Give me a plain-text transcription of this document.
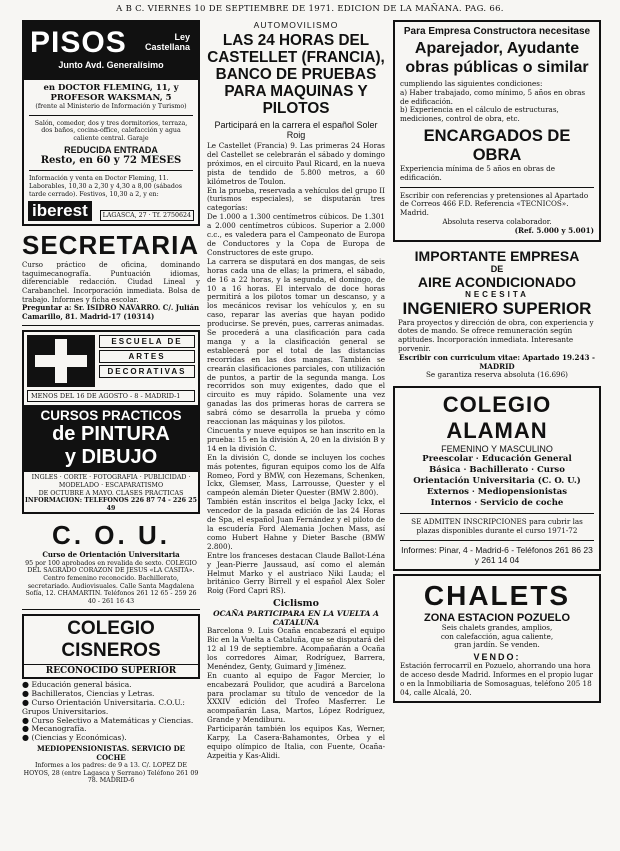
A B C. VIERNES 10 DE SEPTIEMBRE DE 1971. EDICION DE LA MAÑANA. PAG. 66.
PISOS	Ley
Castellana
Junto Avd. Generalísimo

en DOCTOR FLEMING, 11, y PROFESOR WAKSMAN, 5

(frente al Ministerio de Información y Turismo)

Salón, comedor, dos y tres dormitorios, terraza, dos baños, cocina-office, calefacción y agua caliente central. Garaje

REDUCIDA ENTRADA

Resto, en 60 y 72 MESES

Información y venta en Doctor Fleming, 11. Laborables, 10,30 a 2,30 y 4,30 a 8,00 (sábados tarde cerrado). Festivos, 10,30 a 2, y en:

iberest	LAGASCA, 27 · Tf. 2750624
SECRETARIA

Curso práctico de oficina, dominando taquimecanografía. Puntuación idiomas, diferenciable redacción. Ciudad Lineal y Carabanchel. Incorporación inmediata. Bolsa de trabajo. Informes y ficha escolar.

Preguntar a: Sr. ISIDRO NAVARRO. C/. Julián Camarillo, 81. Madrid-17 (10314)

ESCUELA DE
ARTES
DECORATIVAS
MENOS DEL 16 DE AGOSTO - 8 - MADRID-1
CURSOS PRACTICOS
de PINTURA
y DIBUJO

INGLES · CORTE · FOTOGRAFIA · PUBLICIDAD · MODELADO · ESCAPARATISMO

DE OCTUBRE A MAYO. CLASES PRACTICAS

INFORMACION: TELEFONOS 226 87 74 - 226 25 49

C. O. U.

Curso de Orientación Universitaria

95 por 100 aprobados en revalida de sexto. COLEGIO DEL SAGRADO CORAZON DE JESUS «LA CASITA». Centro femenino reconocido. Bachillerato, secretariado. Audiovisuales. Calle Santa Magdalena Sofía, 12. CHAMARTIN. Teléfonos 261 12 65 - 259 26 40 - 261 16 43

COLEGIO CISNEROS
RECONOCIDO SUPERIOR

● Educación general básica.

● Bachilleratos, Ciencias y Letras.

● Curso Orientación Universitaria. C.O.U.: Grupos Universitarios.

● Curso Selectivo a Matemáticas y Ciencias.

● Mecanografía.

● (Ciencias y Económicas).

MEDIOPENSIONISTAS. SERVICIO DE COCHE

Informes a los padres: de 9 a 13. C/. LOPEZ DE HOYOS, 28 (entre Lagasca y Serrano) Teléfono 261 09 78. MADRID-6

AUTOMOVILISMO
LAS 24 HORAS DEL CASTELLET (FRANCIA), BANCO DE PRUEBAS PARA MAQUINAS Y PILOTOS
Participará en la carrera el español Soler Roig

Le Castellet (Francia) 9. Las primeras 24 Horas del Castellet se celebrarán el sábado y domingo próximos, en el circuito Paul Ricard, en la nueva pista de tendido de 5.800 metros, a 60 kilómetros de Toulon.

En la prueba, reservada a vehículos del grupo II (turismos especiales), se disputarán tres categorías:

De 1.000 a 1.300 centímetros cúbicos. De 1.301 a 2.000 centímetros cúbicos. Superior a 2.000 c.c., es valedera para el Campeonato de Europa de Conductores y la Copa de Europa de Constructores de este grupo.

La carrera se disputará en dos mangas, de seis horas cada una de ellas; la primera, el sábado, de 16 a 22 horas, y la segunda, el domingo, de 10 a 16 horas. El intervalo de doce horas permitirá a los pilotos tomar un descanso, y a los mecánicos revisar los vehículos y, en su caso, reparar las averías que hayan podido producirse. Se prevén, pues, carreras animadas.

Se procederá a una clasificación para cada manga y a la clasificación general se establecerá por el total de las distancias recorridas en las dos mangas. También se crearán clasificaciones parciales, con utilización de puntos, a partir de la segunda manga. Los recorridos son muy exigentes, dado que el circuito es muy rápido. Solamente una vez ganadas las dos primeras horas de carrera se sabrá cómo se desarrolla la prueba y cómo reaccionan las máquinas y los pilotos.

Cincuenta y nueve equipos se han inscrito en la prueba: 15 en la división A, 20 en la división B y 14 en la división C.

En la división C, donde se incluyen los coches más potentes, figuran equipos como los de Alfa Romeo, Ford y BMW, con Hezemans, Schenken, Ickx, Glemser, Mass, Larrousse, Quester y el campeón alemán Dieter Quester (BMW 2.800).

También están inscritos el belga Jacky Ickx, el vencedor de la pasada edición de las 24 Horas de Spa, el español Juan Fernández y el piloto de la escudería Ford Alemania Jochen Mass, así como Hubert Hahne y Dieter Basche (BMW 2.800).

Entre los franceses destacan Claude Ballot-Léna y Jean-Pierre Jaussaud, así como el alemán Helmut Marko y el austriaco Niki Lauda; el británico Gerry Birrell y el español Alex Soler Roig (Ford Capri RS).

Ciclismo
OCAÑA PARTICIPARA EN LA VUELTA A CATALUÑA

Barcelona 9. Luis Ocaña encabezará el equipo Bic en la Vuelta a Cataluña, que se disputará del 12 al 19 de septiembre. Acompañarán a Ocaña los corredores Aimar, Rodríguez, Barrera, Menéndez, Genty, Guimard y Jiménez.

En cuanto al equipo de Fagor Mercier, lo encabezará Poulidor, que acudirá a Barcelona para proclamar su título de vencedor de la XXXIV edición del Trofeo Masferrer. Le acompañarán Lasa, Martos, López Rodríguez, Grande y Mendiburu.

Participarán también los equipos Kas, Werner, Karpy, La Casera-Bahamontes, Orbea y el equipo olímpico de Italia, con Fuente, Ocaña-Azpeitia y Kas-Alidi.

Para Empresa Constructora necesitase

Aparejador, Ayudante obras públicas o similar

cumpliendo las siguientes condiciones:

a) Haber trabajado, como mínimo, 5 años en obras de edificación.

b) Experiencia en el cálculo de estructuras, mediciones, control de obra, etc.

ENCARGADOS DE OBRA

Experiencia mínima de 5 años en obras de edificación.

Escribir con referencias y pretensiones al Apartado de Correos 466 F.D. Referencia «TECNICOS». Madrid.

Absoluta reserva colaborador.

(Ref. 5.000 y 5.001)

IMPORTANTE EMPRESA

DE

AIRE ACONDICIONADO

NECESITA

INGENIERO SUPERIOR

Para proyectos y dirección de obra, con experiencia y dotes de mando. Se ofrece remuneración según aptitudes. Incorporación inmediata. Interesante porvenir.

Escribir con curriculum vitae: Apartado 19.243 - MADRID

Se garantiza reserva absoluta (16.696)

COLEGIO ALAMAN

FEMENINO Y MASCULINO

Preescolar · Educación General

Básica · Bachillerato · Curso

Orientación Universitaria (C. O. U.)

Externos · Mediopensionistas

Internos · Servicio de coche

SE ADMITEN INSCRIPCIONES para cubrir las plazas disponibles durante el curso 1971-72

Informes: Pinar, 4 - Madrid-6 - Teléfonos 261 86 23 y 261 14 04

CHALETS

ZONA ESTACION POZUELO

Seis chalets grandes, amplios,

con calefacción, agua caliente,

gran jardín. Se venden.

VENDO:

Estación ferrocarril en Pozuelo, ahorrando una hora de acceso desde Madrid. Informes en el propio lugar o en la Inmobiliaria de Somosaguas, teléfono 205 18 04, calle Alcalá, 20.
